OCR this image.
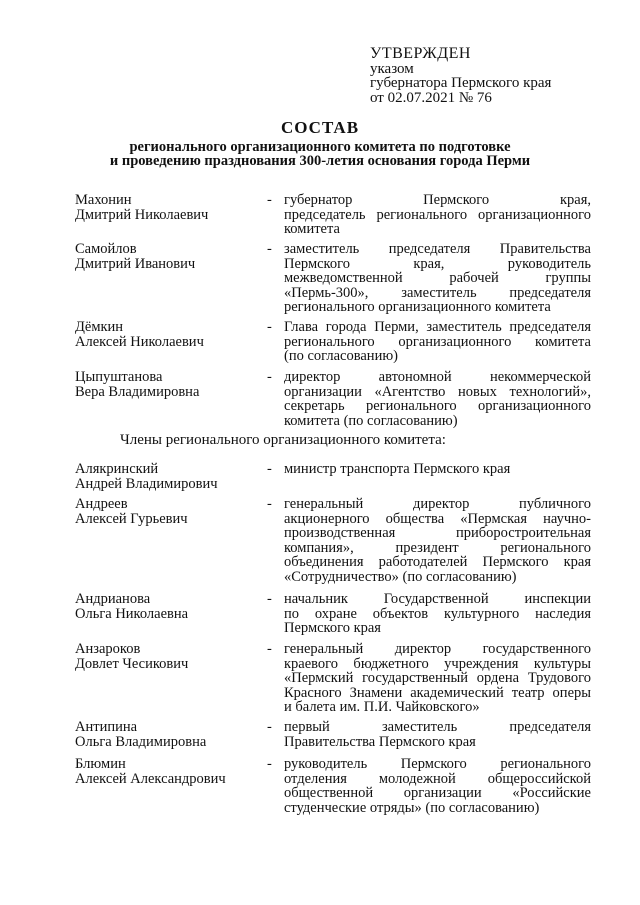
УТВЕРЖДЕН
указом
губернатора Пермского края
от 02.07.2021 № 76
СОСТАВ
регионального организационного комитета по подготовке
и проведению празднования 300-летия основания города Перми
Члены регионального организационного комитета:
Махонин
Дмитрий Николаевич
- губернатор Пермского края,
председатель регионального организационного
комитета
Самойлов
Дмитрий Иванович
- заместитель председателя Правительства
Пермского края, руководитель
межведомственной рабочей группы
«Пермь-300», заместитель председателя
регионального организационного комитета
Дёмкин
Алексей Николаевич
- Глава города Перми, заместитель председателя
регионального организационного комитета
(по согласованию)
Цыпуштанова
Вера Владимировна
- директор автономной некоммерческой
организации «Агентство новых технологий»,
секретарь регионального организационного
комитета (по согласованию)
Алякринский
Андрей Владимирович
- министр транспорта Пермского края
Андреев
Алексей Гурьевич
- генеральный директор публичного
акционерного общества «Пермская научно-
производственная приборостроительная
компания», президент регионального
объединения работодателей Пермского края
«Сотрудничество» (по согласованию)
Андрианова
Ольга Николаевна
- начальник Государственной инспекции
по охране объектов культурного наследия
Пермского края
Анзароков
Довлет Чесикович
- генеральный директор государственного
краевого бюджетного учреждения культуры
«Пермский государственный ордена Трудового
Красного Знамени академический театр оперы
и балета им. П.И. Чайковского»
Антипина
Ольга Владимировна
- первый заместитель председателя
Правительства Пермского края
Блюмин
Алексей Александрович
- руководитель Пермского регионального
отделения молодежной общероссийской
общественной организации «Российские
студенческие отряды» (по согласованию)
